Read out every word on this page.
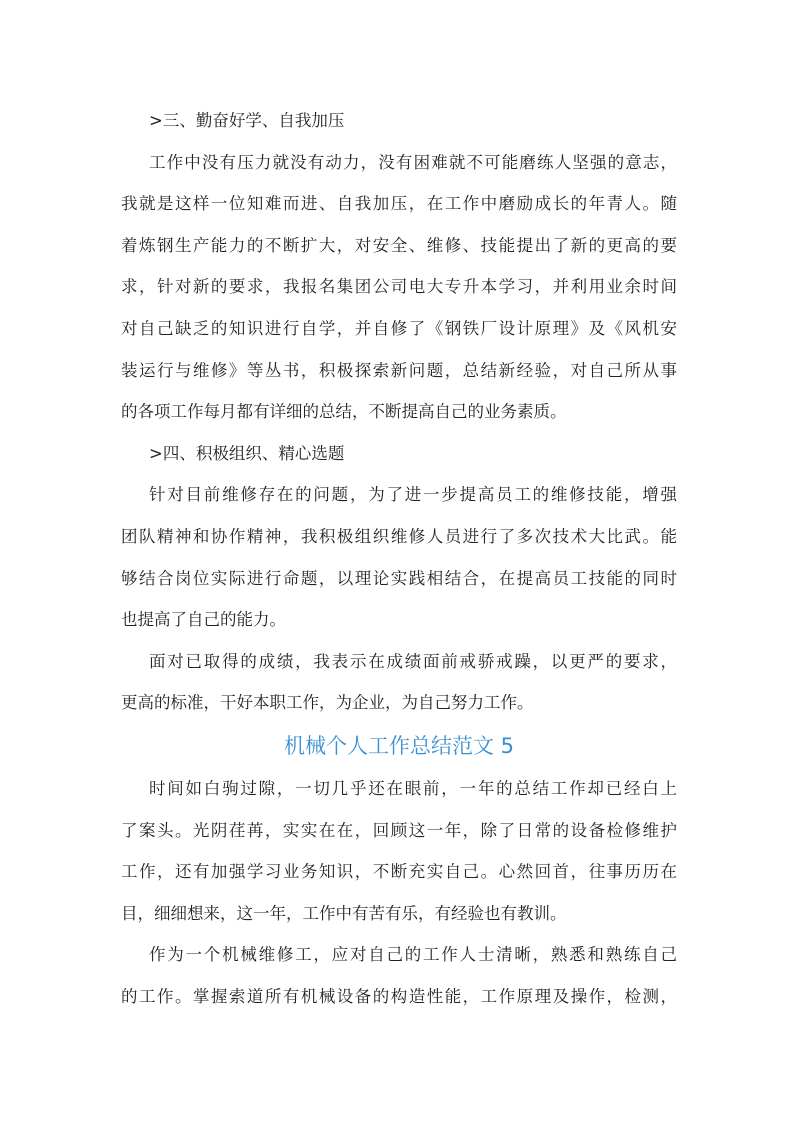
>三、勤奋好学、自我加压
工作中没有压力就没有动力，没有困难就不可能磨练人坚强的意志，
我就是这样一位知难而进、自我加压，在工作中磨励成长的年青人。随
着炼钢生产能力的不断扩大，对安全、维修、技能提出了新的更高的要
求，针对新的要求，我报名集团公司电大专升本学习，并利用业余时间
对自己缺乏的知识进行自学，并自修了《钢铁厂设计原理》及《风机安
装运行与维修》等丛书，积极探索新问题，总结新经验，对自己所从事
的各项工作每月都有详细的总结，不断提高自己的业务素质。
>四、积极组织、精心选题
针对目前维修存在的问题，为了进一步提高员工的维修技能，增强
团队精神和协作精神，我积极组织维修人员进行了多次技术大比武。能
够结合岗位实际进行命题，以理论实践相结合，在提高员工技能的同时
也提高了自己的能力。
面对已取得的成绩，我表示在成绩面前戒骄戒躁，以更严的要求，
更高的标准，干好本职工作，为企业，为自己努力工作。
机械个人工作总结范文 5
时间如白驹过隙，一切几乎还在眼前，一年的总结工作却已经白上
了案头。光阴荏苒，实实在在，回顾这一年，除了日常的设备检修维护
工作，还有加强学习业务知识，不断充实自己。心然回首，往事历历在
目，细细想来，这一年，工作中有苦有乐，有经验也有教训。
作为一个机械维修工，应对自己的工作人士清晰，熟悉和熟练自己
的工作。掌握索道所有机械设备的构造性能，工作原理及操作，检测，
